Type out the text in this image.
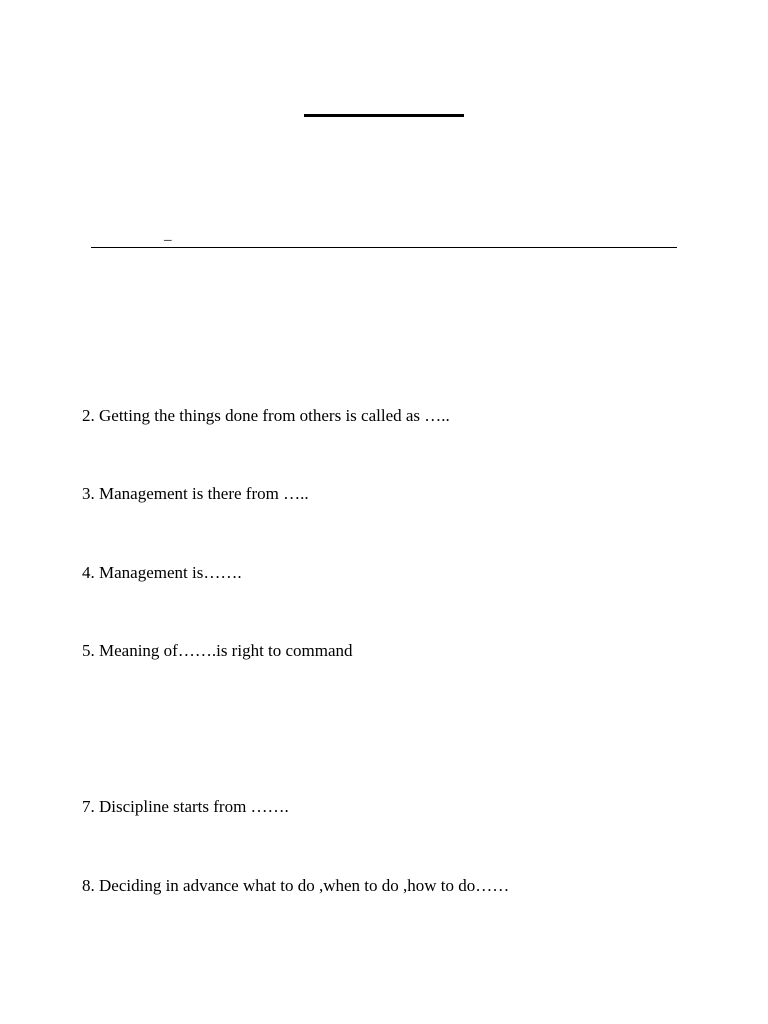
_
2. Getting the things done from others is called as …..
3. Management is there from …..
4. Management is…….
5. Meaning of…….is right to command
7. Discipline starts from …….
8. Deciding in advance what to do ,when to do ,how to do……
